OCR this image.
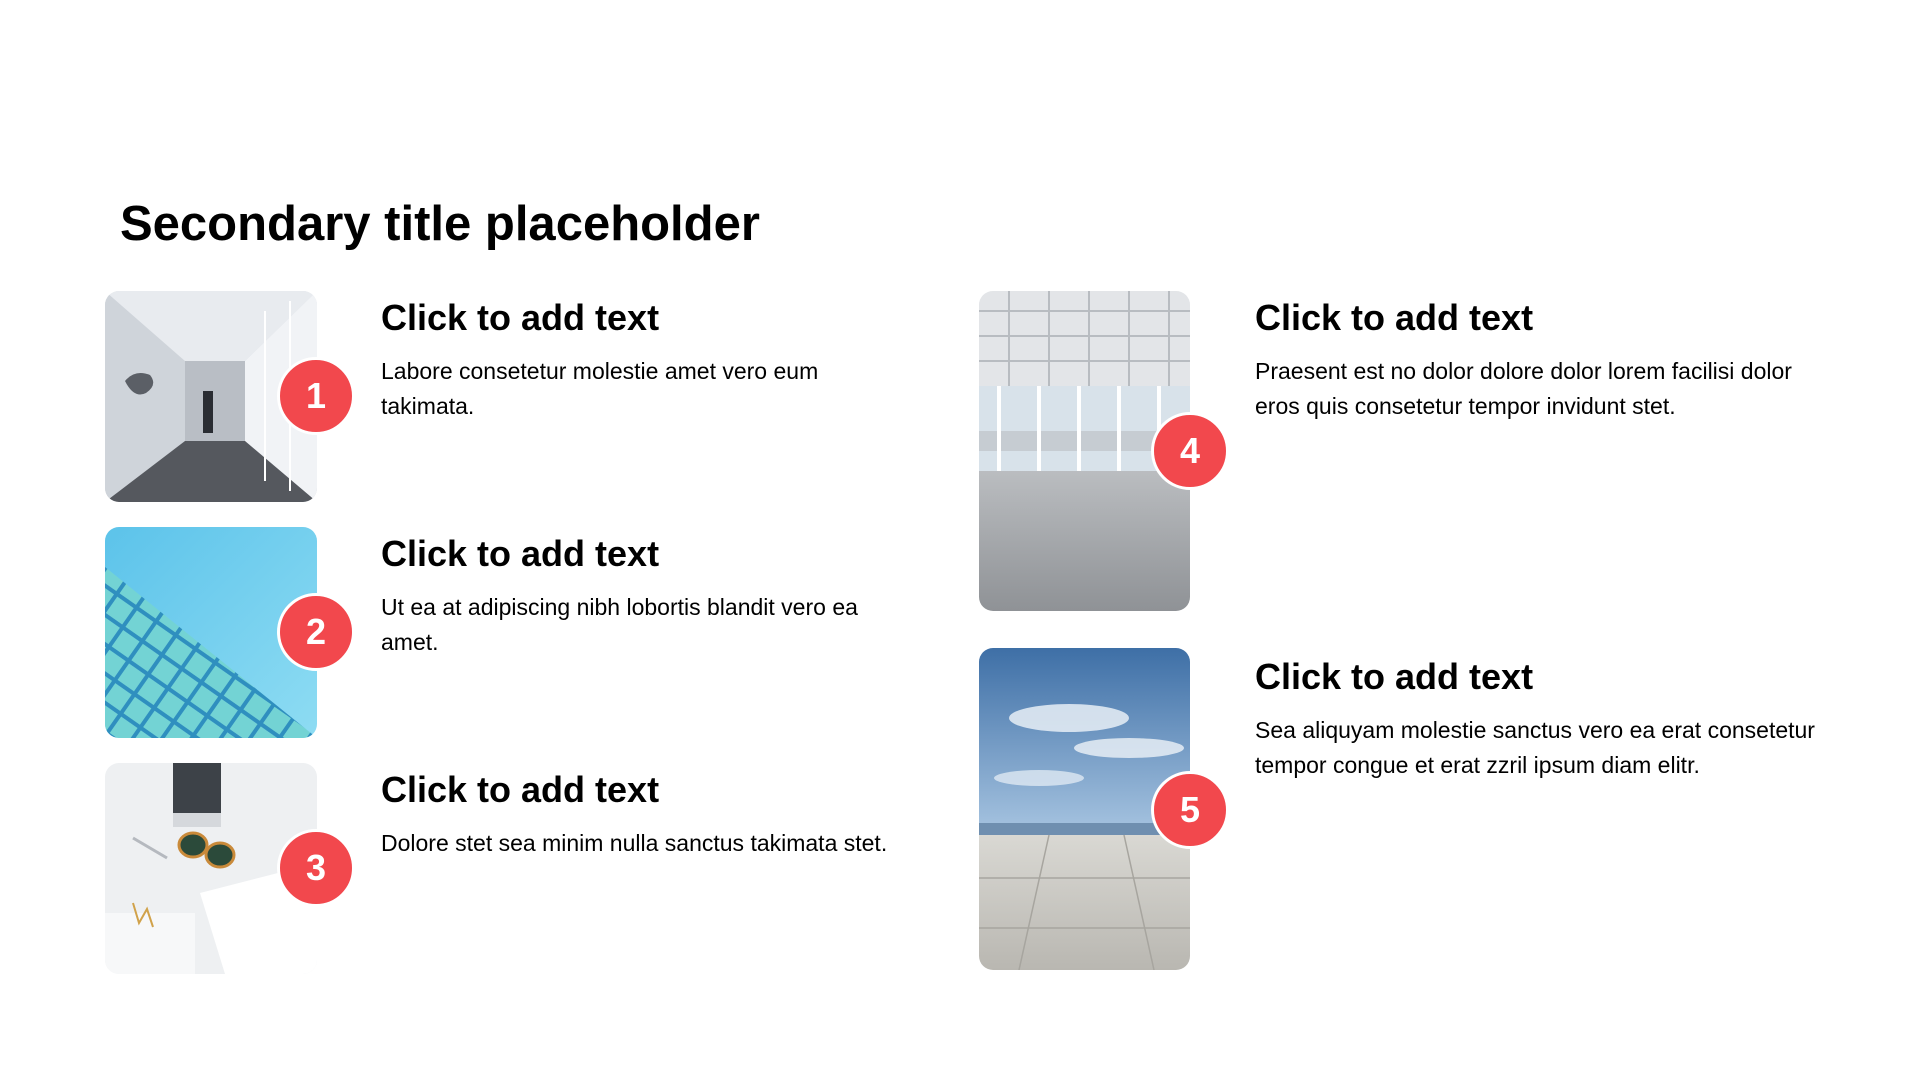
Secondary title placeholder
1
Click to add text

Labore consetetur molestie amet vero eum takimata.

2
Click to add text

Ut ea at adipiscing nibh lobortis blandit vero ea amet.

3
Click to add text

Dolore stet sea minim nulla sanctus takimata stet.

4
Click to add text

Praesent est no dolor dolore dolor lorem facilisi dolor eros quis consetetur tempor invidunt stet.

5
Click to add text

Sea aliquyam molestie sanctus vero ea erat consetetur tempor congue et erat zzril ipsum diam elitr.
